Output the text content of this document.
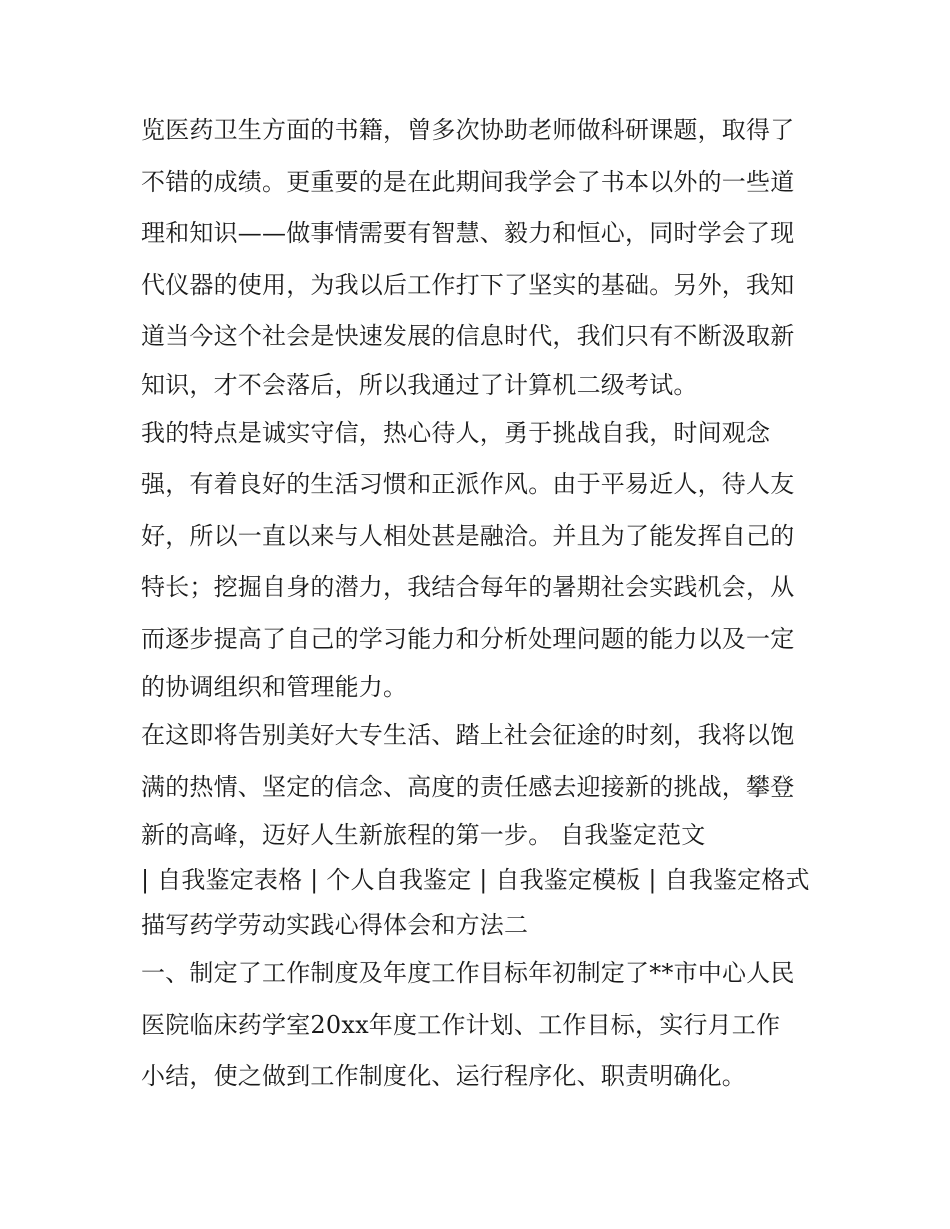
览医药卫生方面的书籍，曾多次协助老师做科研课题，取得了
不错的成绩。更重要的是在此期间我学会了书本以外的一些道
理和知识——做事情需要有智慧、毅力和恒心，同时学会了现
代仪器的使用，为我以后工作打下了坚实的基础。另外，我知
道当今这个社会是快速发展的信息时代，我们只有不断汲取新
知识，才不会落后，所以我通过了计算机二级考试。
我的特点是诚实守信，热心待人，勇于挑战自我，时间观念
强，有着良好的生活习惯和正派作风。由于平易近人，待人友
好，所以一直以来与人相处甚是融洽。并且为了能发挥自己的
特长；挖掘自身的潜力，我结合每年的暑期社会实践机会，从
而逐步提高了自己的学习能力和分析处理问题的能力以及一定
的协调组织和管理能力。
在这即将告别美好大专生活、踏上社会征途的时刻，我将以饱
满的热情、坚定的信念、高度的责任感去迎接新的挑战，攀登
新的高峰，迈好人生新旅程的第一步。 自我鉴定范文
| 自我鉴定表格 | 个人自我鉴定 | 自我鉴定模板 | 自我鉴定格式
描写药学劳动实践心得体会和方法二
一、制定了工作制度及年度工作目标年初制定了**市中心人民
医院临床药学室20xx年度工作计划、工作目标，实行月工作
小结，使之做到工作制度化、运行程序化、职责明确化。
